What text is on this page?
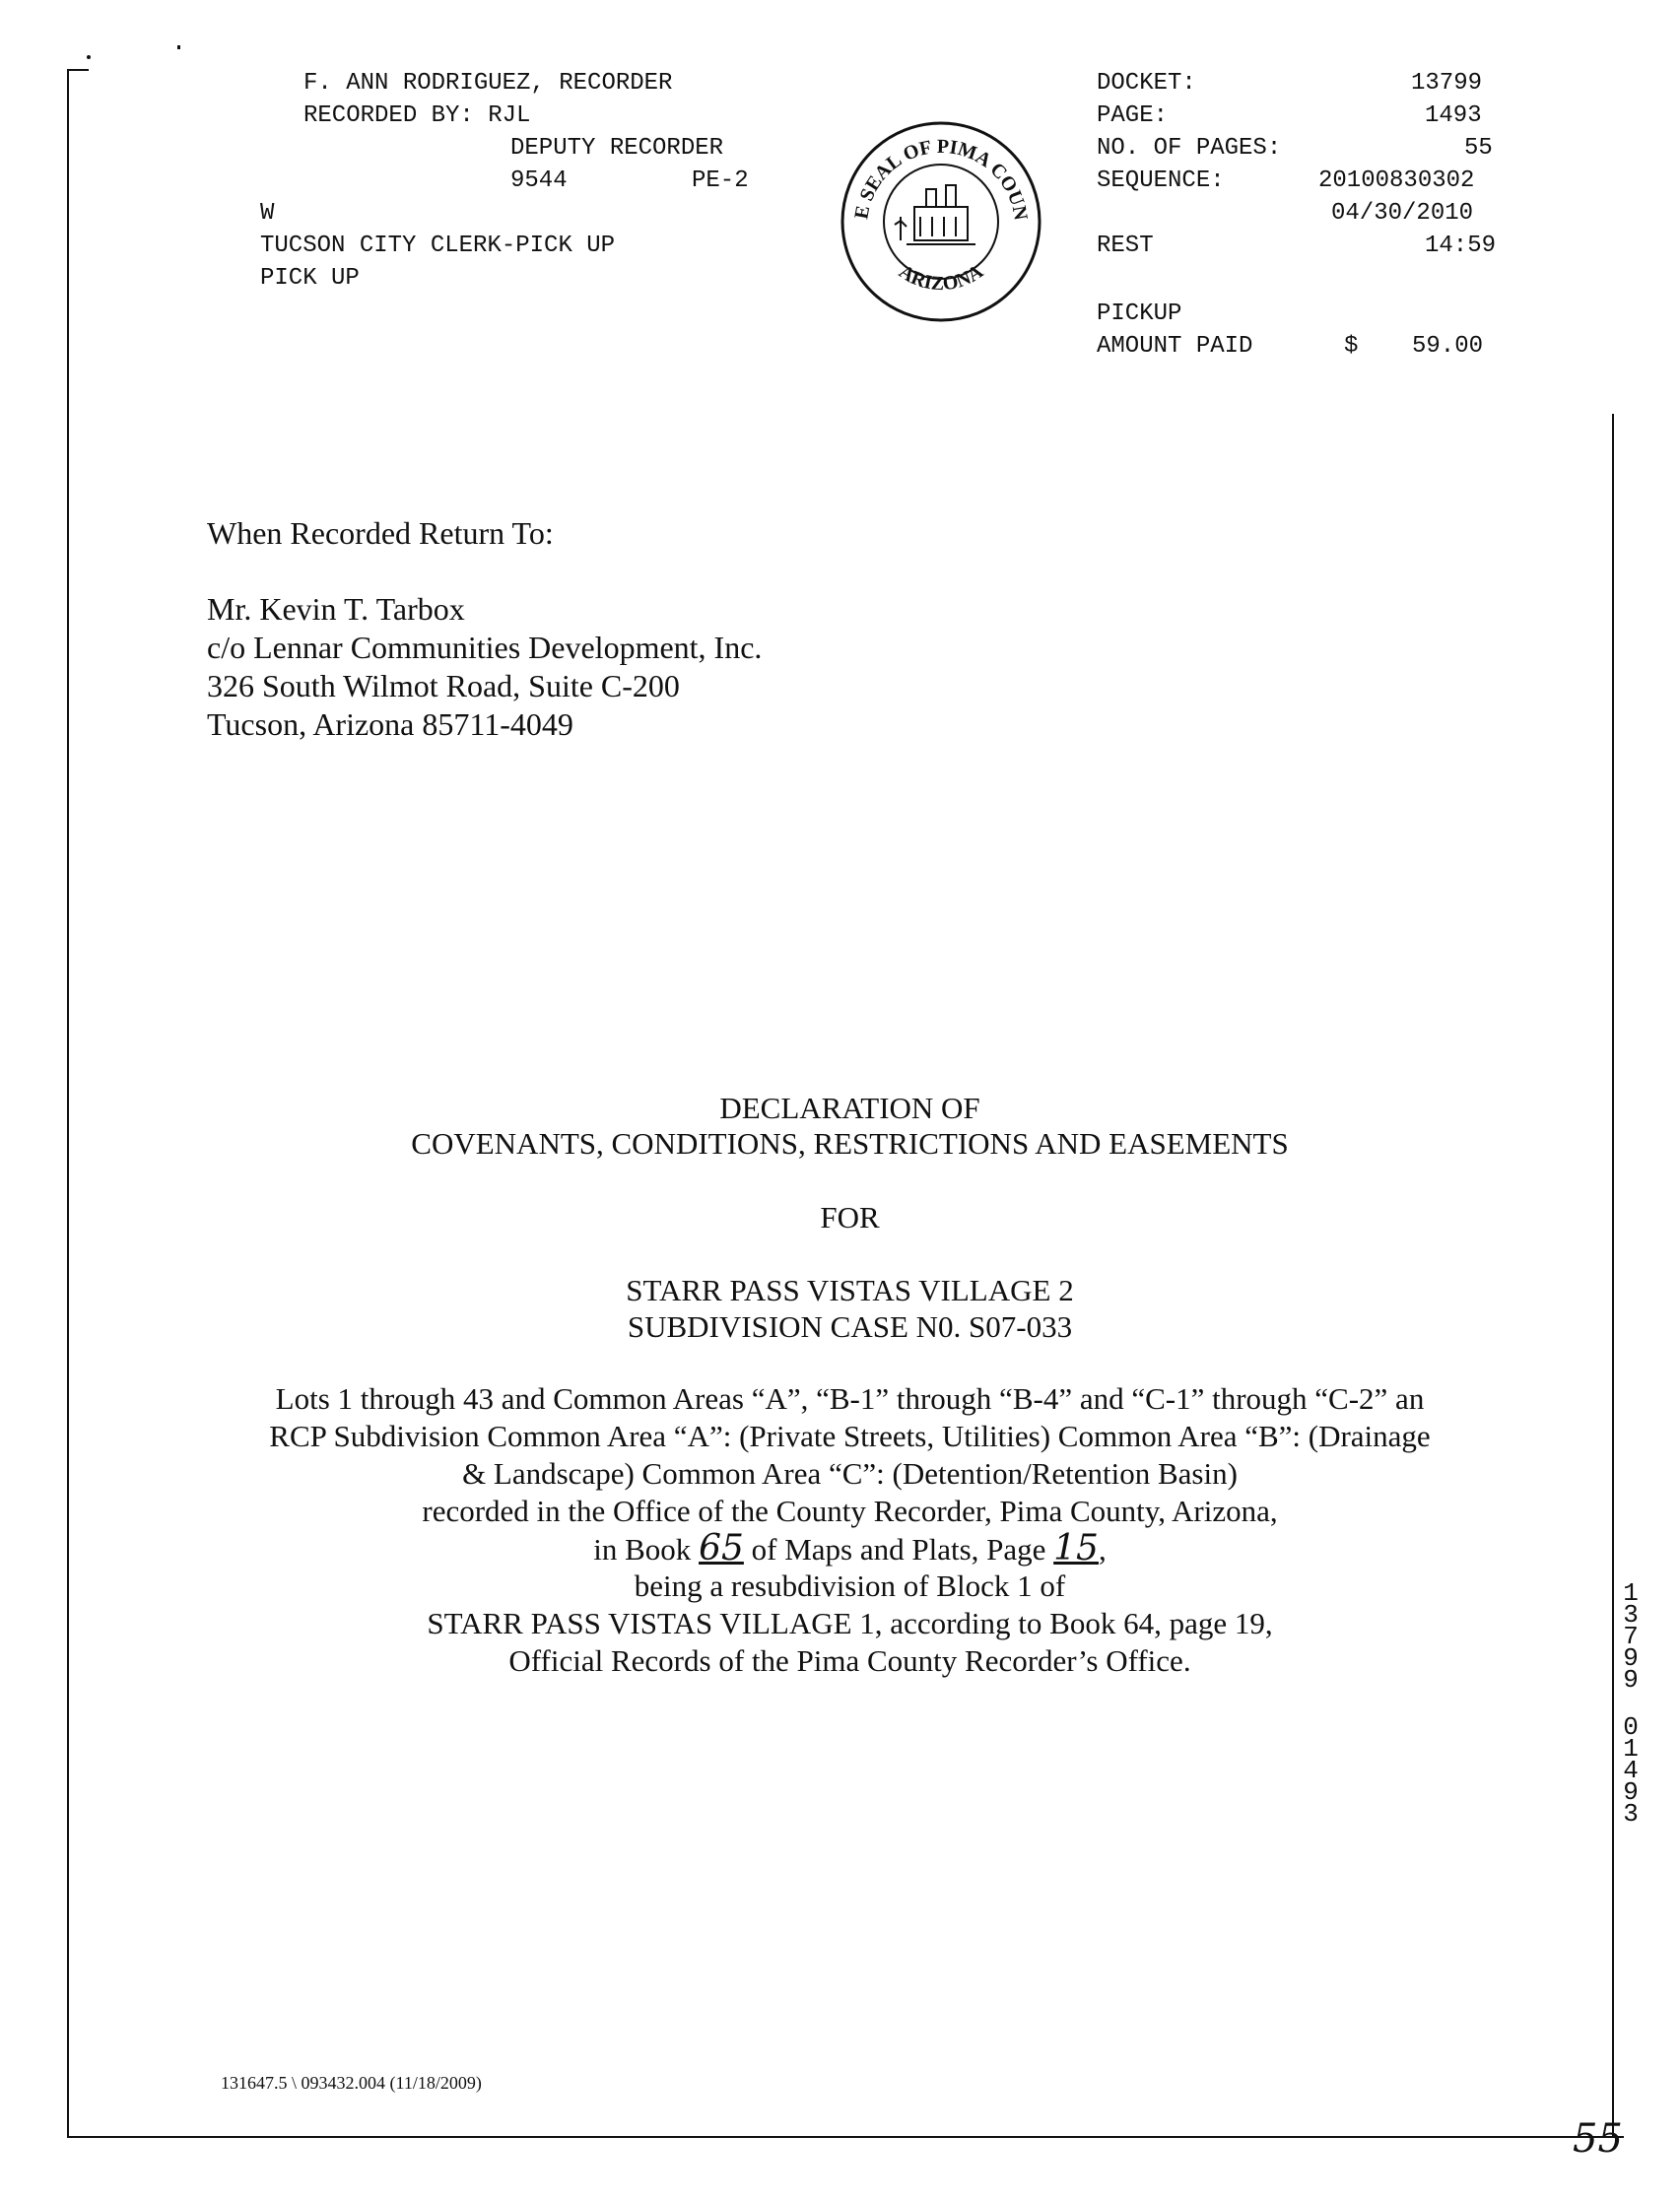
F. ANN RODRIGUEZ, RECORDER
RECORDED BY: RJL
DEPUTY RECORDER
9544	PE-2
W
TUCSON CITY CLERK-PICK UP
PICK UP
E SEAL OF PIMA COUN
ARIZONA
DOCKET:	13799
PAGE:	1493
NO. OF PAGES:	55
SEQUENCE:	20100830302
04/30/2010
REST	14:59
PICKUP
AMOUNT PAID	$ 59.00
When Recorded Return To:
Mr. Kevin T. Tarbox
c/o Lennar Communities Development, Inc.
326 South Wilmot Road, Suite C-200
Tucson, Arizona 85711-4049
DECLARATION OF
COVENANTS, CONDITIONS, RESTRICTIONS AND EASEMENTS
FOR
STARR PASS VISTAS VILLAGE 2
SUBDIVISION CASE N0. S07-033
Lots 1 through 43 and Common Areas “A”, “B-1” through “B-4” and “C-1” through “C-2” an
RCP Subdivision Common Area “A”: (Private Streets, Utilities) Common Area “B”: (Drainage
& Landscape) Common Area “C”: (Detention/Retention Basin)
recorded in the Office of the County Recorder, Pima County, Arizona,
in Book 65 of Maps and Plats, Page 15,
being a resubdivision of Block 1 of
STARR PASS VISTAS VILLAGE 1, according to Book 64, page 19,
Official Records of the Pima County Recorder’s Office.
1
3
7
9
9
0
1
4
9
3
131647.5 \ 093432.004 (11/18/2009)
55
